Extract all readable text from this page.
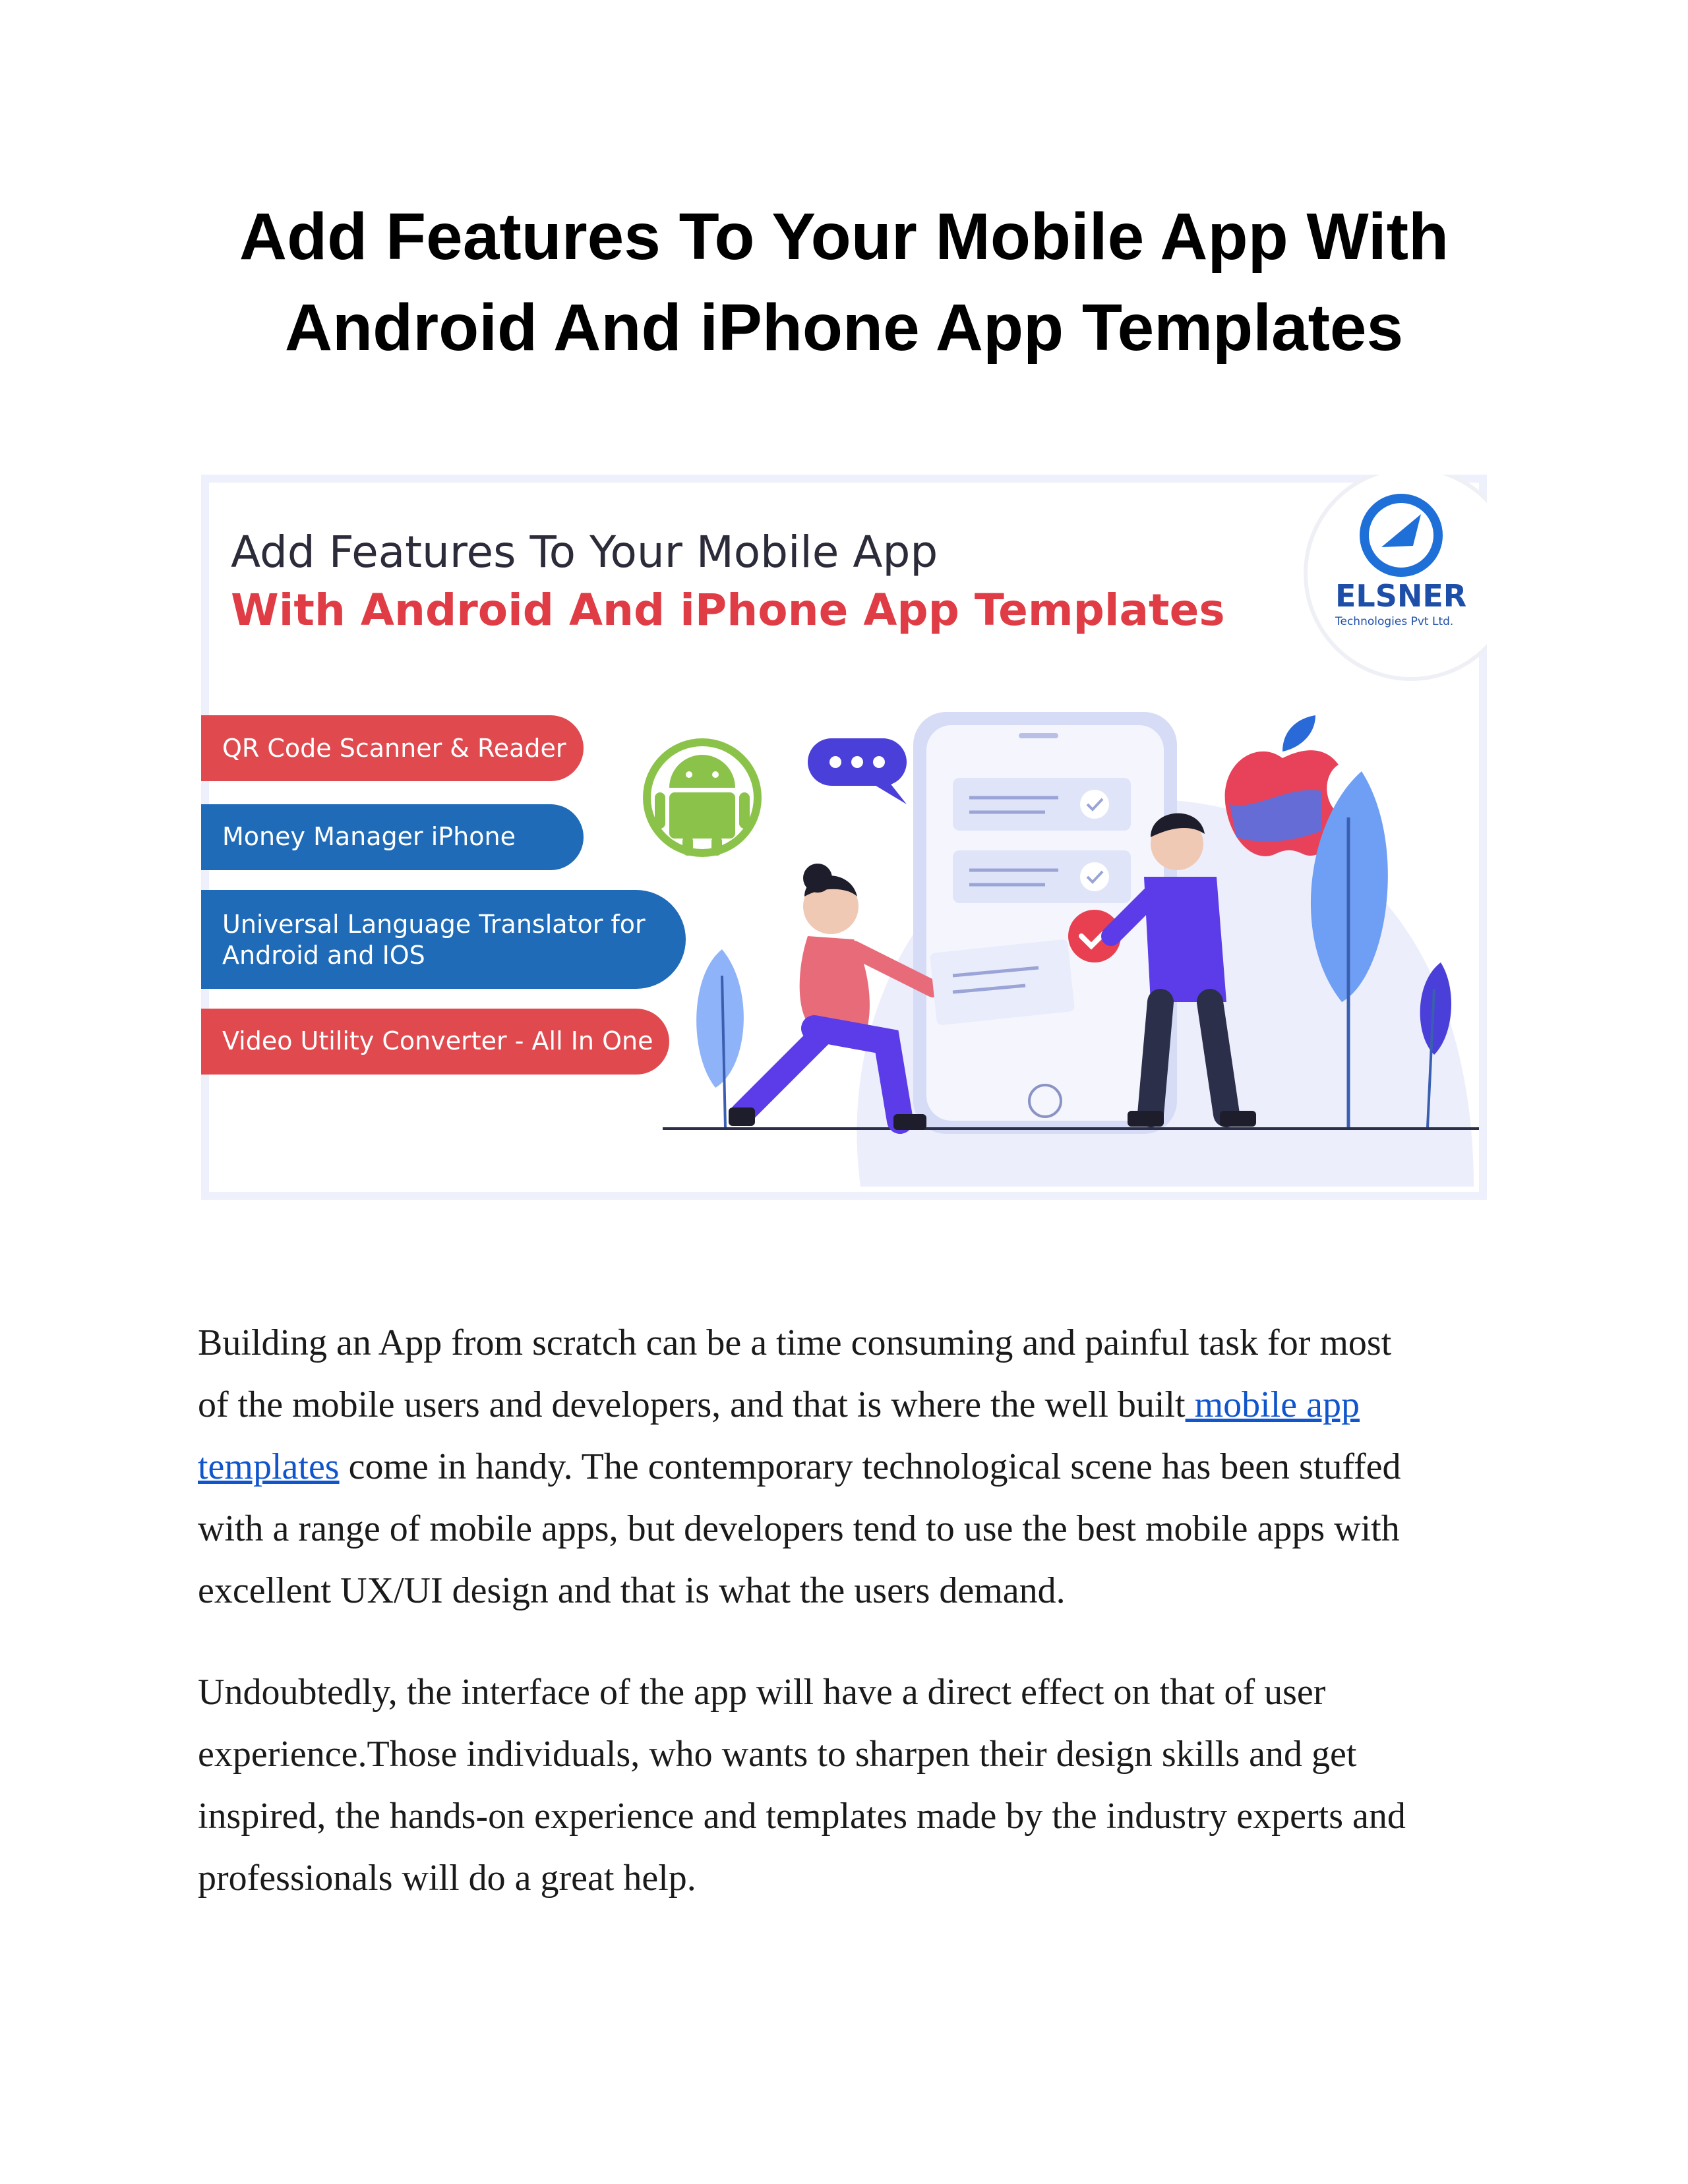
Add Features To Your Mobile App With
Android And iPhone App Templates
Add Features To Your Mobile App
With Android And iPhone App Templates	ELSNER
Technologies Pvt Ltd.
QR Code Scanner & Reader
Money Manager iPhone
Universal Language Translator for
Android and IOS
Video Utility Converter - All In One
Building an App from scratch can be a time consuming and painful task for most
of the mobile users and developers, and that is where the well built mobile app
templates come in handy. The contemporary technological scene has been stuffed
with a range of mobile apps, but developers tend to use the best mobile apps with
excellent UX/UI design and that is what the users demand.
Undoubtedly, the interface of the app will have a direct effect on that of user
experience.Those individuals, who wants to sharpen their design skills and get
inspired, the hands-on experience and templates made by the industry experts and
professionals will do a great help.
